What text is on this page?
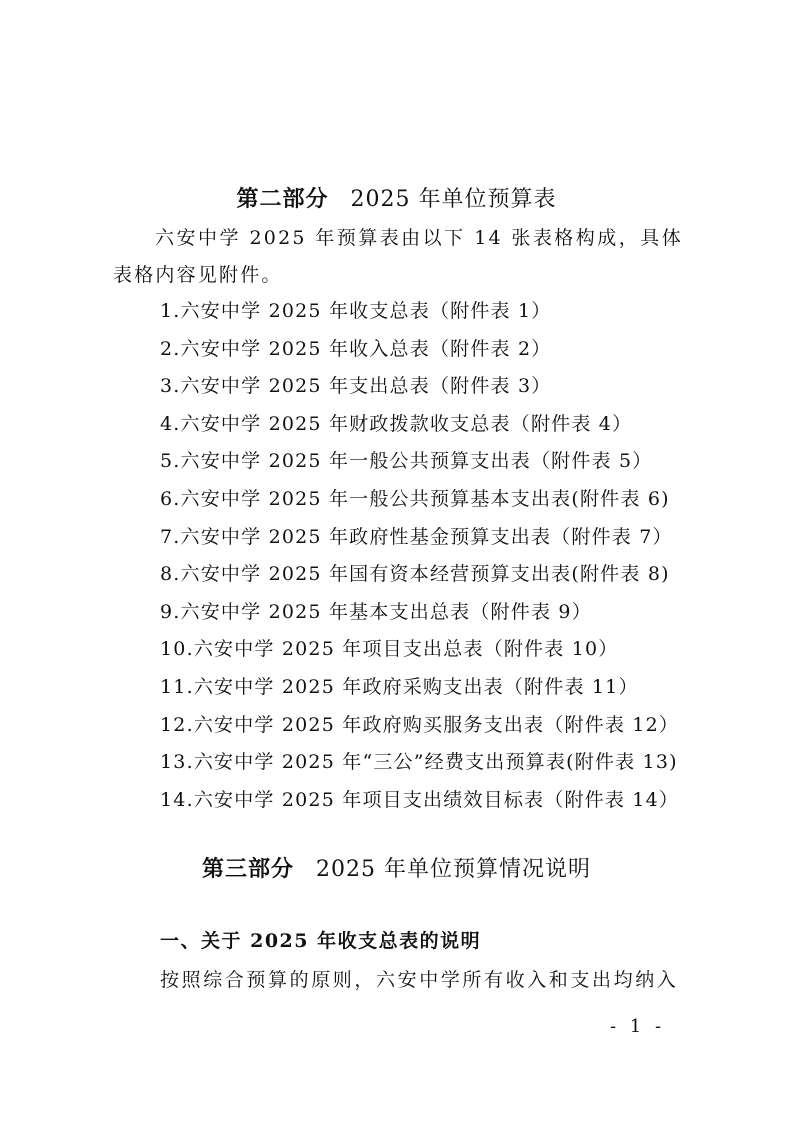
第二部分 2025 年单位预算表
六安中学 2025 年预算表由以下 14 张表格构成，具体表格内容见附件。
1.六安中学 2025 年收支总表（附件表 1）
2.六安中学 2025 年收入总表（附件表 2）
3.六安中学 2025 年支出总表（附件表 3）
4.六安中学 2025 年财政拨款收支总表（附件表 4）
5.六安中学 2025 年一般公共预算支出表（附件表 5）
6.六安中学 2025 年一般公共预算基本支出表(附件表 6)
7.六安中学 2025 年政府性基金预算支出表（附件表 7）
8.六安中学 2025 年国有资本经营预算支出表(附件表 8)
9.六安中学 2025 年基本支出总表（附件表 9）
10.六安中学 2025 年项目支出总表（附件表 10）
11.六安中学 2025 年政府采购支出表（附件表 11）
12.六安中学 2025 年政府购买服务支出表（附件表 12）
13.六安中学 2025 年“三公”经费支出预算表(附件表 13)
14.六安中学 2025 年项目支出绩效目标表（附件表 14）
第三部分 2025 年单位预算情况说明
一、关于 2025 年收支总表的说明
按照综合预算的原则，六安中学所有收入和支出均纳入
- 1 -
